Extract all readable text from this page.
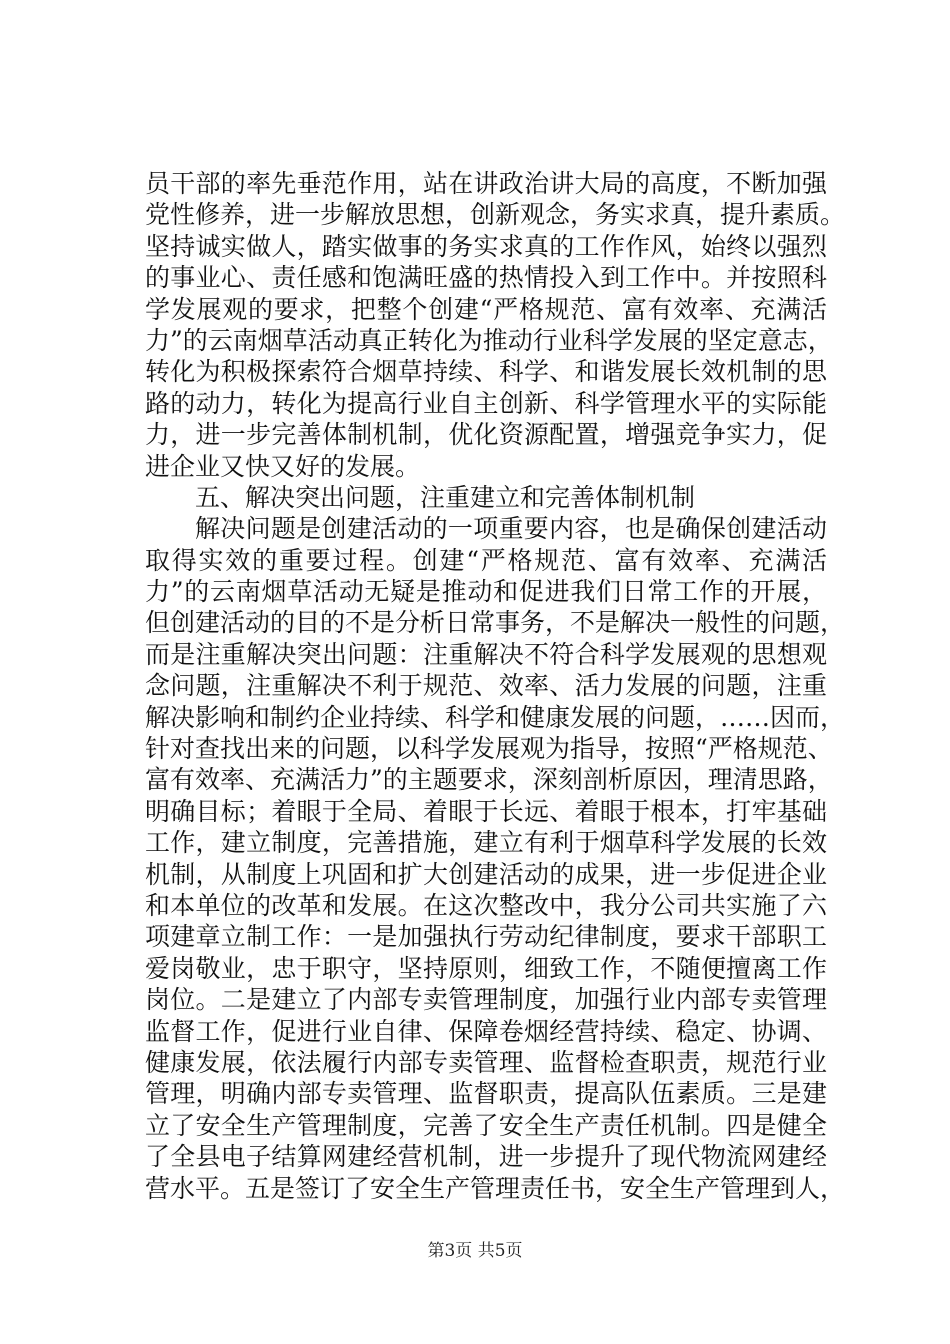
员干部的率先垂范作用，站在讲政治讲大局的高度，不断加强
党性修养，进一步解放思想，创新观念，务实求真，提升素质。
坚持诚实做人，踏实做事的务实求真的工作作风，始终以强烈
的事业心、责任感和饱满旺盛的热情投入到工作中。并按照科
学发展观的要求，把整个创建“严格规范、富有效率、充满活
力”的云南烟草活动真正转化为推动行业科学发展的坚定意志，
转化为积极探索符合烟草持续、科学、和谐发展长效机制的思
路的动力，转化为提高行业自主创新、科学管理水平的实际能
力，进一步完善体制机制，优化资源配置，增强竞争实力，促
进企业又快又好的发展。
五、解决突出问题，注重建立和完善体制机制
解决问题是创建活动的一项重要内容，也是确保创建活动
取得实效的重要过程。创建“严格规范、富有效率、充满活
力”的云南烟草活动无疑是推动和促进我们日常工作的开展，
但创建活动的目的不是分析日常事务，不是解决一般性的问题，
而是注重解决突出问题：注重解决不符合科学发展观的思想观
念问题，注重解决不利于规范、效率、活力发展的问题，注重
解决影响和制约企业持续、科学和健康发展的问题，……因而，
针对查找出来的问题，以科学发展观为指导，按照“严格规范、
富有效率、充满活力”的主题要求，深刻剖析原因，理清思路，
明确目标；着眼于全局、着眼于长远、着眼于根本，打牢基础
工作，建立制度，完善措施，建立有利于烟草科学发展的长效
机制，从制度上巩固和扩大创建活动的成果，进一步促进企业
和本单位的改革和发展。在这次整改中，我分公司共实施了六
项建章立制工作：一是加强执行劳动纪律制度，要求干部职工
爱岗敬业，忠于职守，坚持原则，细致工作，不随便擅离工作
岗位。二是建立了内部专卖管理制度，加强行业内部专卖管理
监督工作，促进行业自律、保障卷烟经营持续、稳定、协调、
健康发展，依法履行内部专卖管理、监督检查职责，规范行业
管理，明确内部专卖管理、监督职责，提高队伍素质。三是建
立了安全生产管理制度，完善了安全生产责任机制。四是健全
了全县电子结算网建经营机制，进一步提升了现代物流网建经
营水平。五是签订了安全生产管理责任书，安全生产管理到人，
第3页 共5页
